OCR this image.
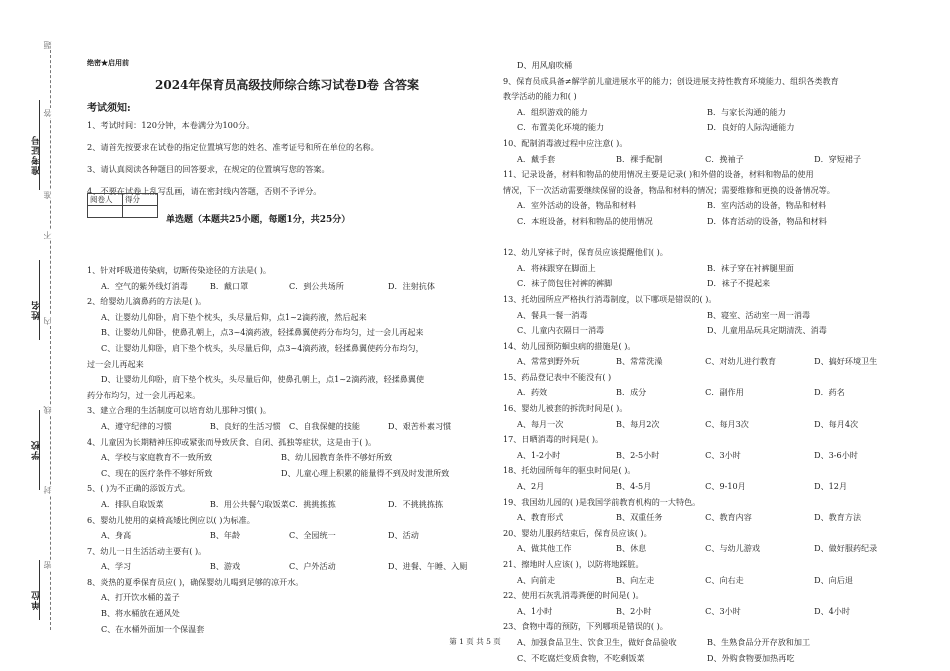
准考证号
姓名
学校
单位
题
答
准
不
内
线
封
密
绝密★启用前
2024年保育员高级技师综合练习试卷D卷 含答案
考试须知:
1、考试时间：120分钟，本卷满分为100分。
2、请首先按要求在试卷的指定位置填写您的姓名、准考证号和所在单位的名称。
3、请认真阅读各种题目的回答要求，在规定的位置填写您的答案。
4、不要在试卷上乱写乱画，请在密封线内答题，否则不予评分。
阅卷人	得分

单选题（本题共25小题，每题1分，共25分）
1、针对呼吸道传染病，切断传染途径的方法是( )。
A．空气的紫外线灯消毒	B．戴口罩	C．到公共场所	D．注射抗体
2、给婴幼儿滴鼻药的方法是( )。
A、让婴幼儿仰卧，肩下垫个枕头，头尽量后仰，点1~2滴药液，然后起来
B、让婴幼儿仰卧，使鼻孔朝上，点3~4滴药液，轻揉鼻翼使药分布均匀，过一会儿再起来
C、让婴幼儿仰卧，肩下垫个枕头，头尽量后仰，点3~4滴药液，轻揉鼻翼使药分布均匀，
过一会儿再起来
D、让婴幼儿仰卧，肩下垫个枕头，头尽量后仰，使鼻孔朝上，点1~2滴药液，轻揉鼻翼使
药分布均匀，过一会儿再起来。
3、建立合理的生活制度可以培育幼儿那种习惯( )。
A、遵守纪律的习惯	B、良好的生活习惯	C、自我保健的技能	D、艰苦朴素习惯
4、儿童因为长期精神压抑或紧张而导致厌食、自闭、孤独等症状，这是由于( )。
A、学校与家庭教育不一致所致	B、幼儿园教育条件不够好所致
C、现在的医疗条件不够好所致	D、儿童心理上积累的能量得不到及时发泄所致
5、( )为不正确的添饭方式。
A．排队自取饭菜	B．用公共餐勺取饭菜 C．挑挑拣拣	D．不挑挑拣拣
6、婴幼儿使用的桌椅高矮比例应以( )为标准。
A、身高	B、年龄	C、全园统一	D、活动
7、幼儿一日生活活动主要有( )。
A、学习	B、游戏	C、户外活动	D、进餐、午睡、入厕
8、炎热的夏季保育员应( )，确保婴幼儿喝到足够的凉开水。
A、打开饮水桶的盖子
B、将水桶放在通风处
C、在水桶外面加一个保温套
D、用风扇吹桶
9、保育员成具备≠解学前儿童进展水平的能力；创设进展支持性教育环境能力、组织各类教育
教学活动的能力和( )
A．组织游戏的能力	B．与家长沟通的能力
C．布置美化环境的能力	D．良好的人际沟通能力
10、配制消毒液过程中应注意( )。
A．戴手套	B．裸手配制	C．挽袖子	D．穿短裙子
11、记录设备，材料和物品的使用情况主要是记录( )和外借的设备，材料和物品的使用
情况，下一次活动需要继续保留的设备，物品和材料的情况；需要维修和更换的设备情况等。
A．室外活动的设备，物品和材料	B．室内活动的设备，物品和材料
C．本班设备，材料和物品的使用情况	D．体育活动的设备，物品和材料
12、幼儿穿袜子时，保育员应该提醒他们( )。
A．将袜跟穿在脚面上	B．袜子穿在衬裤腿里面
C．袜子筒包住衬裤的裤脚	D．袜子不提起来
13、托幼园所应严格执行消毒制度，以下哪项是错误的( )。
A、餐具一餐一消毒	B、寝室、活动室一周一消毒
C、儿童内衣隔日一消毒	D、儿童用品玩具定期清洗、消毒
14、幼儿园预防蛔虫病的措施是( )。
A、常常到野外玩	B、常常洗澡	C、对幼儿进行教育	D、搞好环境卫生
15、药品登记表中不能没有( )
A．药效	B．成分	C．副作用	D．药名
16、婴幼儿被套的拆洗时间是( )。
A、每月一次	B、每月2次	C、每月3次	D、每月4次
17、日晒消毒的时间是( )。
A、1-2小时	B、2-5小时	C、3小时	D、3-6小时
18、托幼园所每年的驱虫时间是( )。
A、2月	B、4-5月	C、9-10月	D、12月
19、我国幼儿园的( )是我国学前教育机构的一大特色。
A、教育形式	B、双重任务	C、教育内容	D、教育方法
20、婴幼儿服药结束后，保育员应该( )。
A、做其他工作	B、休息	C、与幼儿游戏	D、做好服药纪录
21、擦地时人应该( )，以防将地踩脏。
A、向前走	B、向左走	C、向右走	D、向后退
22、使用石灰乳消毒粪便的时间是( )。
A、1小时	B、2小时	C、3小时	D、4小时
23、食物中毒的预防，下列哪项是错误的( )。
A、加强食品卫生、饮食卫生，做好食品验收	B、生熟食品分开存放和加工
C、不吃腐烂变质食物，不吃剩饭菜	D、外购食物要加热再吃
第 1 页 共 5 页
